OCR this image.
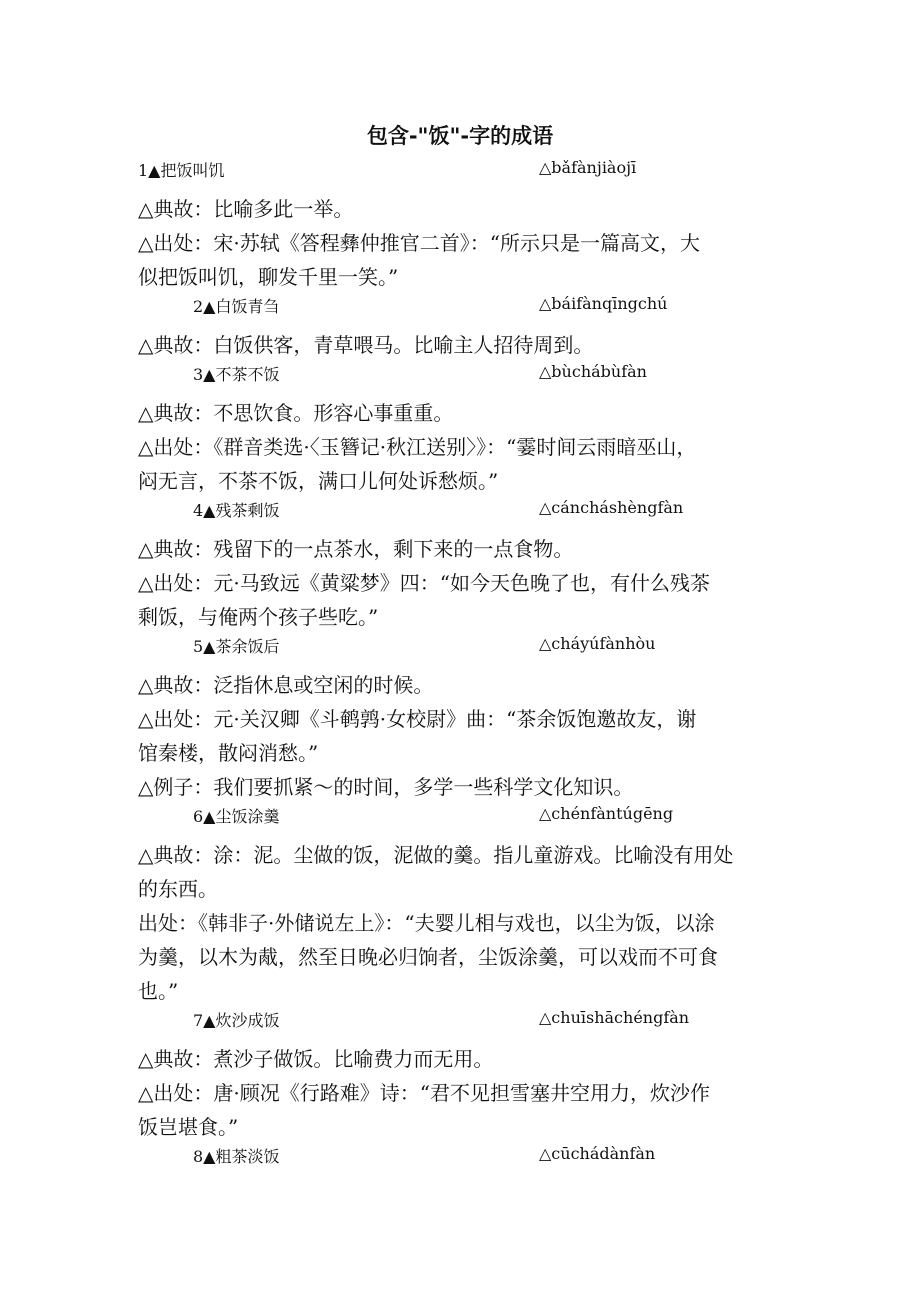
包含-"饭"-字的成语
1▲把饭叫饥	△bǎfànjiàojī
△典故：比喻多此一举。
△出处：宋·苏轼《答程彝仲推官二首》：“所示只是一篇高文，大
似把饭叫饥，聊发千里一笑。”
2▲白饭青刍	△báifànqīngchú
△典故：白饭供客，青草喂马。比喻主人招待周到。
3▲不茶不饭	△bùchábùfàn
△典故：不思饮食。形容心事重重。
△出处：《群音类选·〈玉簪记·秋江送别〉》：“霎时间云雨暗巫山，
闷无言，不茶不饭，满口儿何处诉愁烦。”
4▲残茶剩饭	△cáncháshèngfàn
△典故：残留下的一点茶水，剩下来的一点食物。
△出处：元·马致远《黄粱梦》四：“如今天色晚了也，有什么残茶
剩饭，与俺两个孩子些吃。”
5▲茶余饭后	△cháyúfànhòu
△典故：泛指休息或空闲的时候。
△出处：元·关汉卿《斗鹌鹑·女校尉》曲：“茶余饭饱邀故友，谢
馆秦楼，散闷消愁。”
△例子：我们要抓紧～的时间，多学一些科学文化知识。
6▲尘饭涂羹	△chénfàntúgēng
△典故：涂：泥。尘做的饭，泥做的羹。指儿童游戏。比喻没有用处
的东西。
出处：《韩非子·外储说左上》：“夫婴儿相与戏也，以尘为饭，以涂
为羹，以木为胾，然至日晚必归饷者，尘饭涂羹，可以戏而不可食
也。”
7▲炊沙成饭	△chuīshāchéngfàn
△典故：煮沙子做饭。比喻费力而无用。
△出处：唐·顾况《行路难》诗：“君不见担雪塞井空用力，炊沙作
饭岂堪食。”
8▲粗茶淡饭	△cūchádànfàn
